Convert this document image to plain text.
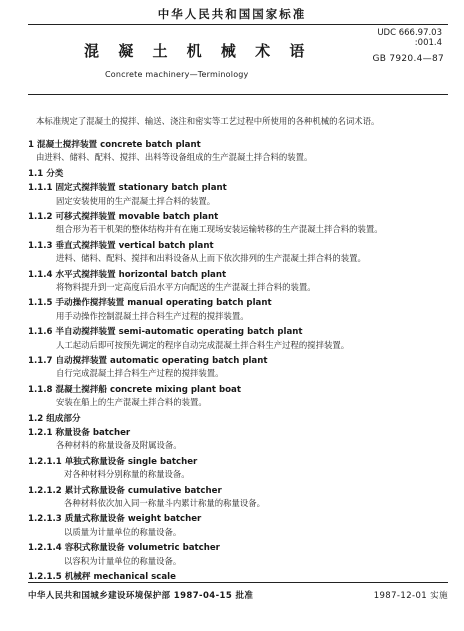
中华人民共和国国家标准
UDC 666.97.03
:001.4
混 凝 土 机 械 术 语	GB 7920.4—87
Concrete machinery—Terminology
本标准规定了混凝土的搅拌、输送、浇注和密实等工艺过程中所使用的各种机械的名词术语。
1 混凝土搅拌装置 concrete batch plant
由进料、储料、配料、搅拌、出料等设备组成的生产混凝土拌合料的装置。
1.1 分类
1.1.1 固定式搅拌装置 stationary batch plant
固定安装使用的生产混凝土拌合料的装置。
1.1.2 可移式搅拌装置 movable batch plant
组合形为若干机架的整体结构并有在施工现场安装运输转移的生产混凝土拌合料的装置。
1.1.3 垂直式搅拌装置 vertical batch plant
进料、储料、配料、搅拌和出料设备从上而下依次排列的生产混凝土拌合料的装置。
1.1.4 水平式搅拌装置 horizontal batch plant
将物料提升到一定高度后沿水平方向配送的生产混凝土拌合料的装置。
1.1.5 手动操作搅拌装置 manual operating batch plant
用手动操作控制混凝土拌合料生产过程的搅拌装置。
1.1.6 半自动搅拌装置 semi-automatic operating batch plant
人工起动后即可按预先调定的程序自动完成混凝土拌合料生产过程的搅拌装置。
1.1.7 自动搅拌装置 automatic operating batch plant
自行完成混凝土拌合料生产过程的搅拌装置。
1.1.8 混凝土搅拌船 concrete mixing plant boat
安装在船上的生产混凝土拌合料的装置。
1.2 组成部分
1.2.1 称量设备 batcher
各种材料的称量设备及附属设备。
1.2.1.1 单独式称量设备 single batcher
对各种材料分别称量的称量设备。
1.2.1.2 累计式称量设备 cumulative batcher
各种材料依次加入同一称量斗内累计称量的称量设备。
1.2.1.3 质量式称量设备 weight batcher
以质量为计量单位的称量设备。
1.2.1.4 容积式称量设备 volumetric batcher
以容积为计量单位的称量设备。
1.2.1.5 机械秤 mechanical scale
中华人民共和国城乡建设环境保护部 1987-04-15 批准	1987-12-01 实施
